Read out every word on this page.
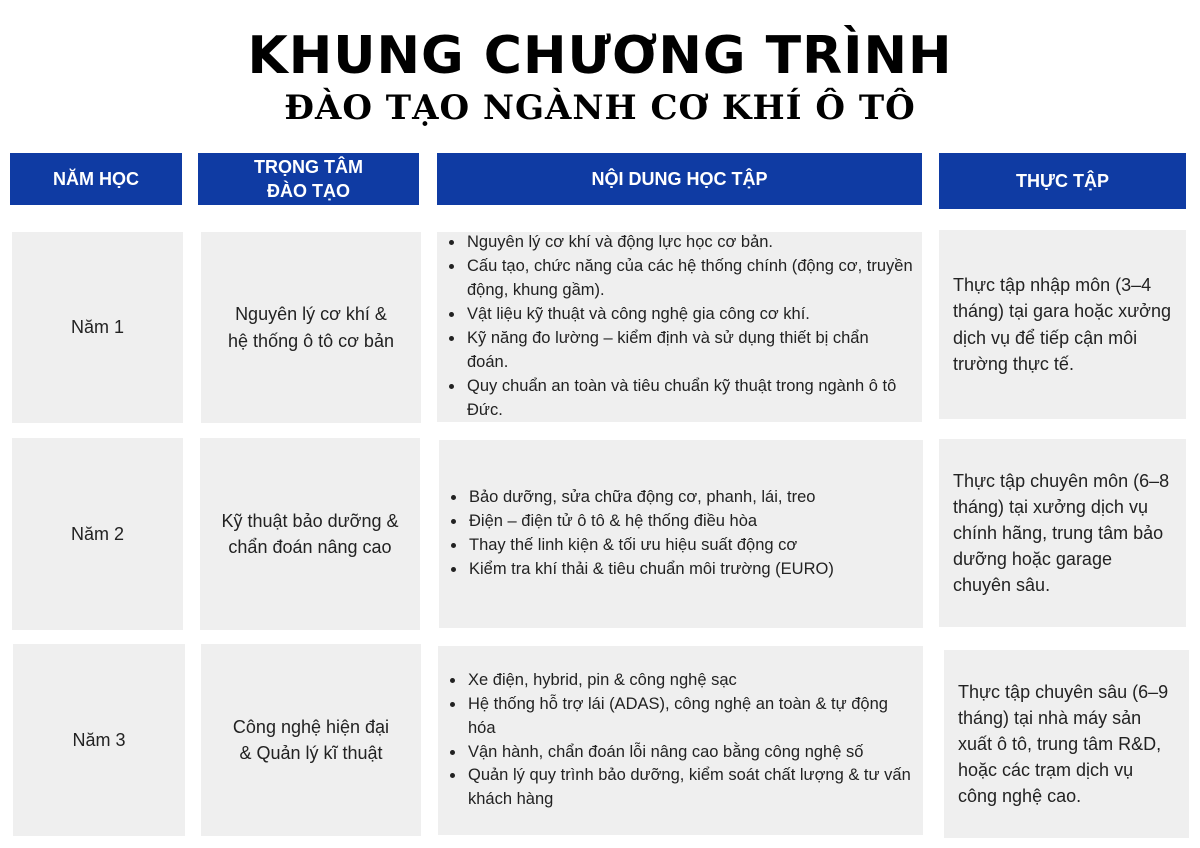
KHUNG CHƯƠNG TRÌNH
ĐÀO TẠO NGÀNH CƠ KHÍ Ô TÔ
NĂM HỌC
TRỌNG TÂM
ĐÀO TẠO
NỘI DUNG HỌC TẬP	THỰC TẬP
Năm 1
Nguyên lý cơ khí &
hệ thống ô tô cơ bản
• Nguyên lý cơ khí và động lực học cơ bản.
• Cấu tạo, chức năng của các hệ thống chính (động cơ, truyền động, khung gầm).
• Vật liệu kỹ thuật và công nghệ gia công cơ khí.
• Kỹ năng đo lường – kiểm định và sử dụng thiết bị chẩn đoán.
• Quy chuẩn an toàn và tiêu chuẩn kỹ thuật trong ngành ô tô Đức.
Thực tập nhập môn (3–4 tháng) tại gara hoặc xưởng dịch vụ để tiếp cận môi trường thực tế.
Năm 2
Kỹ thuật bảo dưỡng &
chẩn đoán nâng cao
• Bảo dưỡng, sửa chữa động cơ, phanh, lái, treo
• Điện – điện tử ô tô & hệ thống điều hòa
• Thay thế linh kiện & tối ưu hiệu suất động cơ
• Kiểm tra khí thải & tiêu chuẩn môi trường (EURO)
Thực tập chuyên môn (6–8 tháng) tại xưởng dịch vụ chính hãng, trung tâm bảo dưỡng hoặc garage chuyên sâu.
Năm 3
Công nghệ hiện đại
& Quản lý kĩ thuật
• Xe điện, hybrid, pin & công nghệ sạc
• Hệ thống hỗ trợ lái (ADAS), công nghệ an toàn & tự động hóa
• Vận hành, chẩn đoán lỗi nâng cao bằng công nghệ số
• Quản lý quy trình bảo dưỡng, kiểm soát chất lượng & tư vấn khách hàng
Thực tập chuyên sâu (6–9 tháng) tại nhà máy sản xuất ô tô, trung tâm R&D, hoặc các trạm dịch vụ công nghệ cao.
